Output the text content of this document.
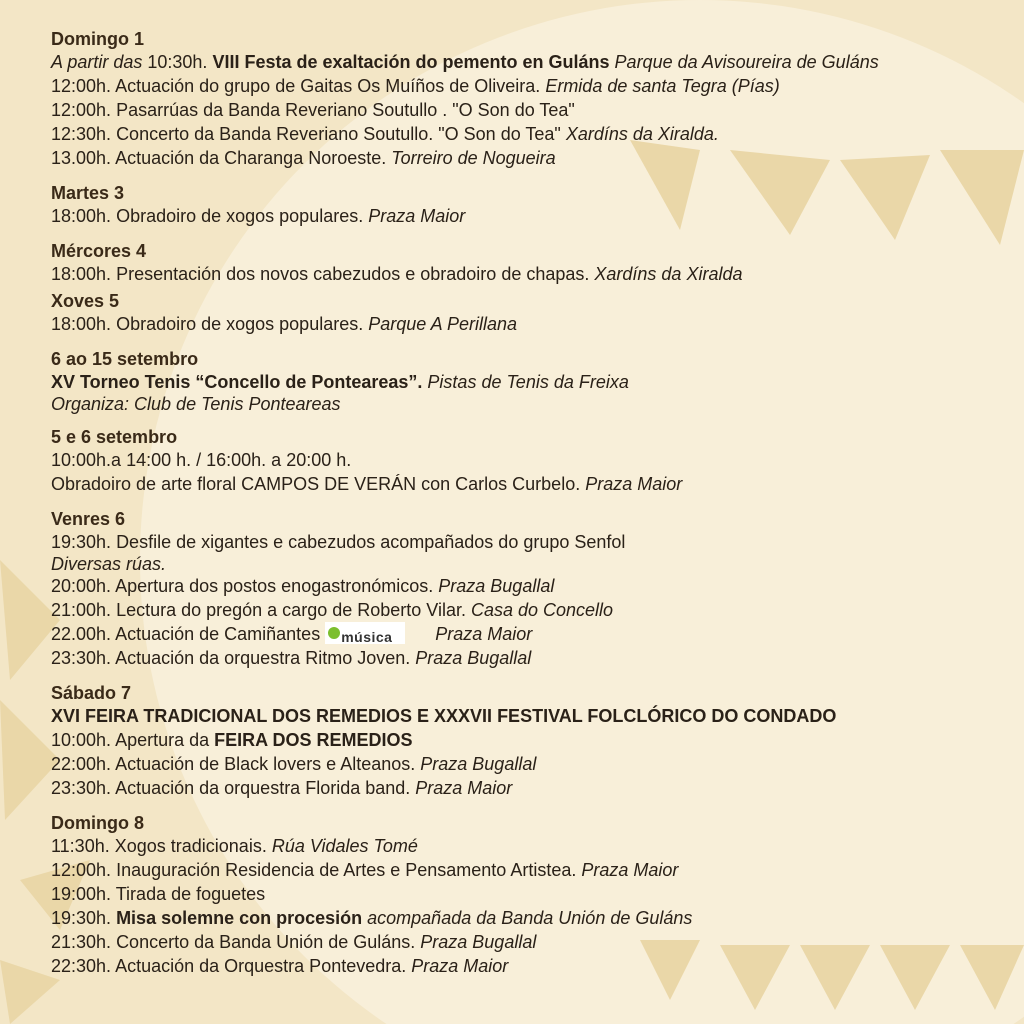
Domingo 1
A partir das 10:30h. VIII Festa de exaltación do pemento en Guláns Parque da Avisoureira de Guláns
12:00h. Actuación do grupo de Gaitas Os Muíños de Oliveira. Ermida de santa Tegra (Pías)
12:00h. Pasarrúas da Banda Reveriano Soutullo . "O Son do Tea"
12:30h. Concerto da Banda Reveriano Soutullo. "O Son do Tea" Xardíns da Xiralda.
13.00h. Actuación da Charanga Noroeste. Torreiro de Nogueira
Martes 3
18:00h. Obradoiro de xogos populares. Praza Maior
Mércores 4
18:00h. Presentación dos novos cabezudos e obradoiro de chapas. Xardíns da Xiralda
Xoves 5
18:00h. Obradoiro de xogos populares. Parque A Perillana
6 ao 15 setembro
XV Torneo Tenis “Concello de Ponteareas”. Pistas de Tenis da Freixa
Organiza: Club de Tenis Ponteareas
5 e 6 setembro
10:00h.a 14:00 h. / 16:00h. a 20:00 h.
Obradoiro de arte floral CAMPOS DE VERÁN con Carlos Curbelo. Praza Maior
Venres 6
19:30h. Desfile de xigantes e cabezudos acompañados do grupo Senfol
Diversas rúas.
20:00h. Apertura dos postos enogastronómicos. Praza Bugallal
21:00h. Lectura do pregón a cargo de Roberto Vilar. Casa do Concello
22.00h. Actuación de Camiñantes música Praza Maior
23:30h. Actuación da orquestra Ritmo Joven. Praza Bugallal
Sábado 7
XVI FEIRA TRADICIONAL DOS REMEDIOS E XXXVII FESTIVAL FOLCLÓRICO DO CONDADO
10:00h. Apertura da FEIRA DOS REMEDIOS
22:00h. Actuación de Black lovers e Alteanos. Praza Bugallal
23:30h. Actuación da orquestra Florida band. Praza Maior
Domingo 8
11:30h. Xogos tradicionais. Rúa Vidales Tomé
12:00h. Inauguración Residencia de Artes e Pensamento Artistea. Praza Maior
19:00h. Tirada de foguetes
19:30h. Misa solemne con procesión acompañada da Banda Unión de Guláns
21:30h. Concerto da Banda Unión de Guláns. Praza Bugallal
22:30h. Actuación da Orquestra Pontevedra. Praza Maior
